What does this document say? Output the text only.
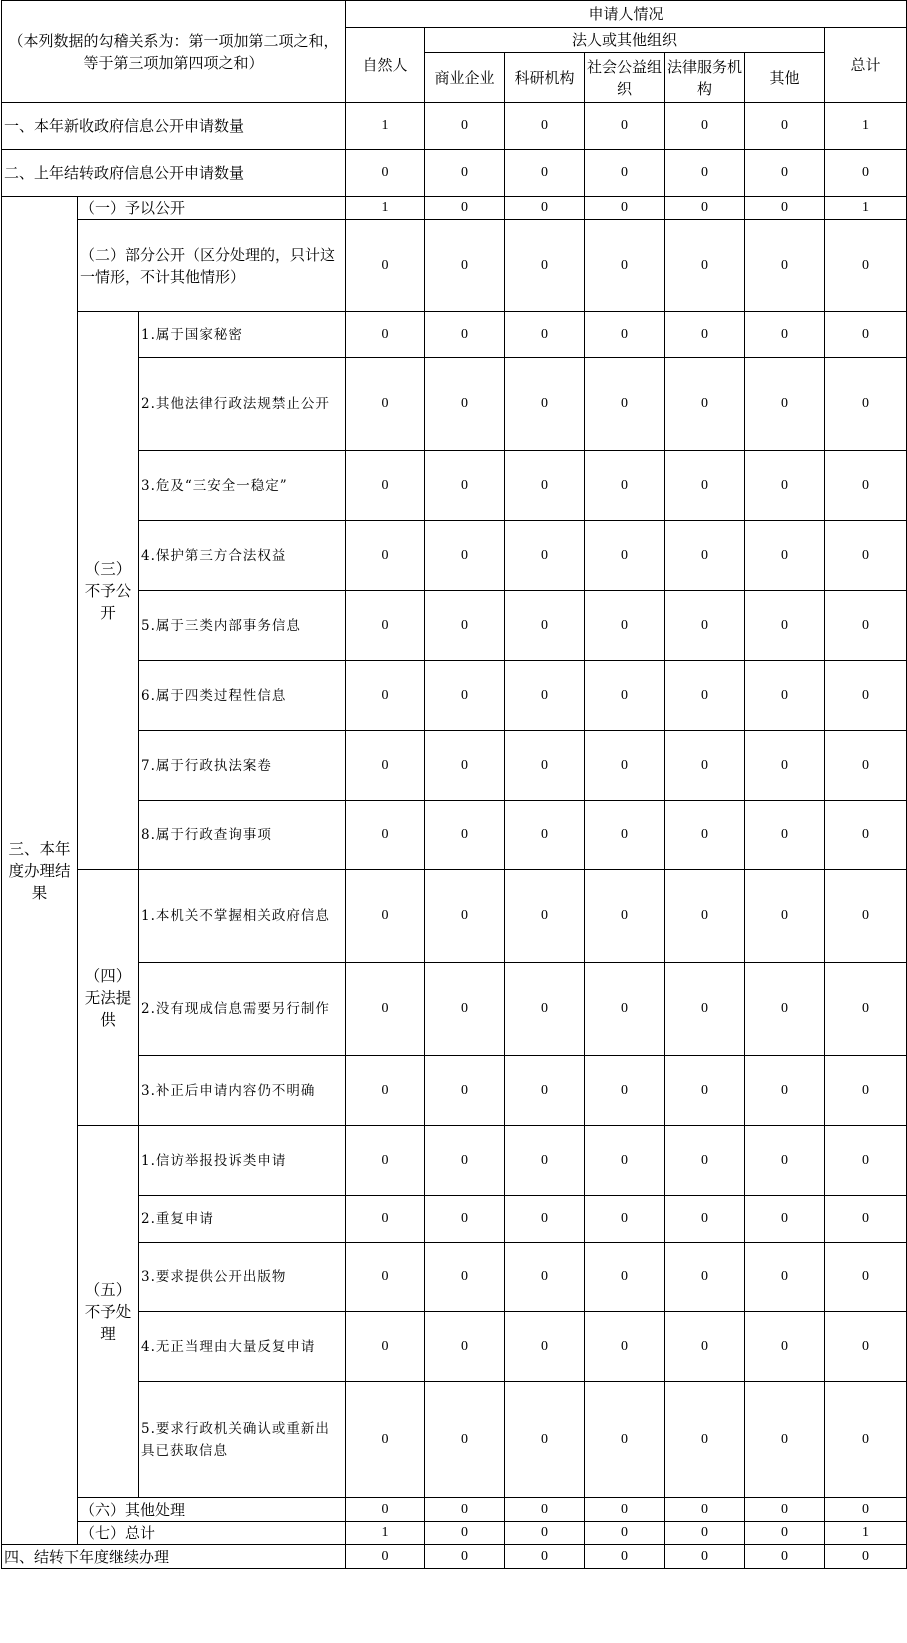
（本列数据的勾稽关系为：第一项加第二项之和，等于第三项加第四项之和）			申请人情况						
			自然人	法人或其他组织					总计
				商业企业	科研机构	社会公益组织	法律服务机构	其他	
一、本年新收政府信息公开申请数量			1	0	0	0	0	0	1
二、上年结转政府信息公开申请数量			0	0	0	0	0	0	0
三、本年度办理结果	（一）予以公开		1	0	0	0	0	0	1
	（二）部分公开（区分处理的，只计这一情形，不计其他情形）		0	0	0	0	0	0	0
	（三）不予公开	1.属于国家秘密	0	0	0	0	0	0	0
		2.其他法律行政法规禁止公开	0	0	0	0	0	0	0
		3.危及“三安全一稳定”	0	0	0	0	0	0	0
		4.保护第三方合法权益	0	0	0	0	0	0	0
		5.属于三类内部事务信息	0	0	0	0	0	0	0
		6.属于四类过程性信息	0	0	0	0	0	0	0
		7.属于行政执法案卷	0	0	0	0	0	0	0
		8.属于行政查询事项	0	0	0	0	0	0	0
	（四）无法提供	1.本机关不掌握相关政府信息	0	0	0	0	0	0	0
		2.没有现成信息需要另行制作	0	0	0	0	0	0	0
		3.补正后申请内容仍不明确	0	0	0	0	0	0	0
	（五）不予处理	1.信访举报投诉类申请	0	0	0	0	0	0	0
		2.重复申请	0	0	0	0	0	0	0
		3.要求提供公开出版物	0	0	0	0	0	0	0
		4.无正当理由大量反复申请	0	0	0	0	0	0	0
		5.要求行政机关确认或重新出具已获取信息	0	0	0	0	0	0	0
	（六）其他处理		0	0	0	0	0	0	0
	（七）总计		1	0	0	0	0	0	1
四、结转下年度继续办理			0	0	0	0	0	0	0
